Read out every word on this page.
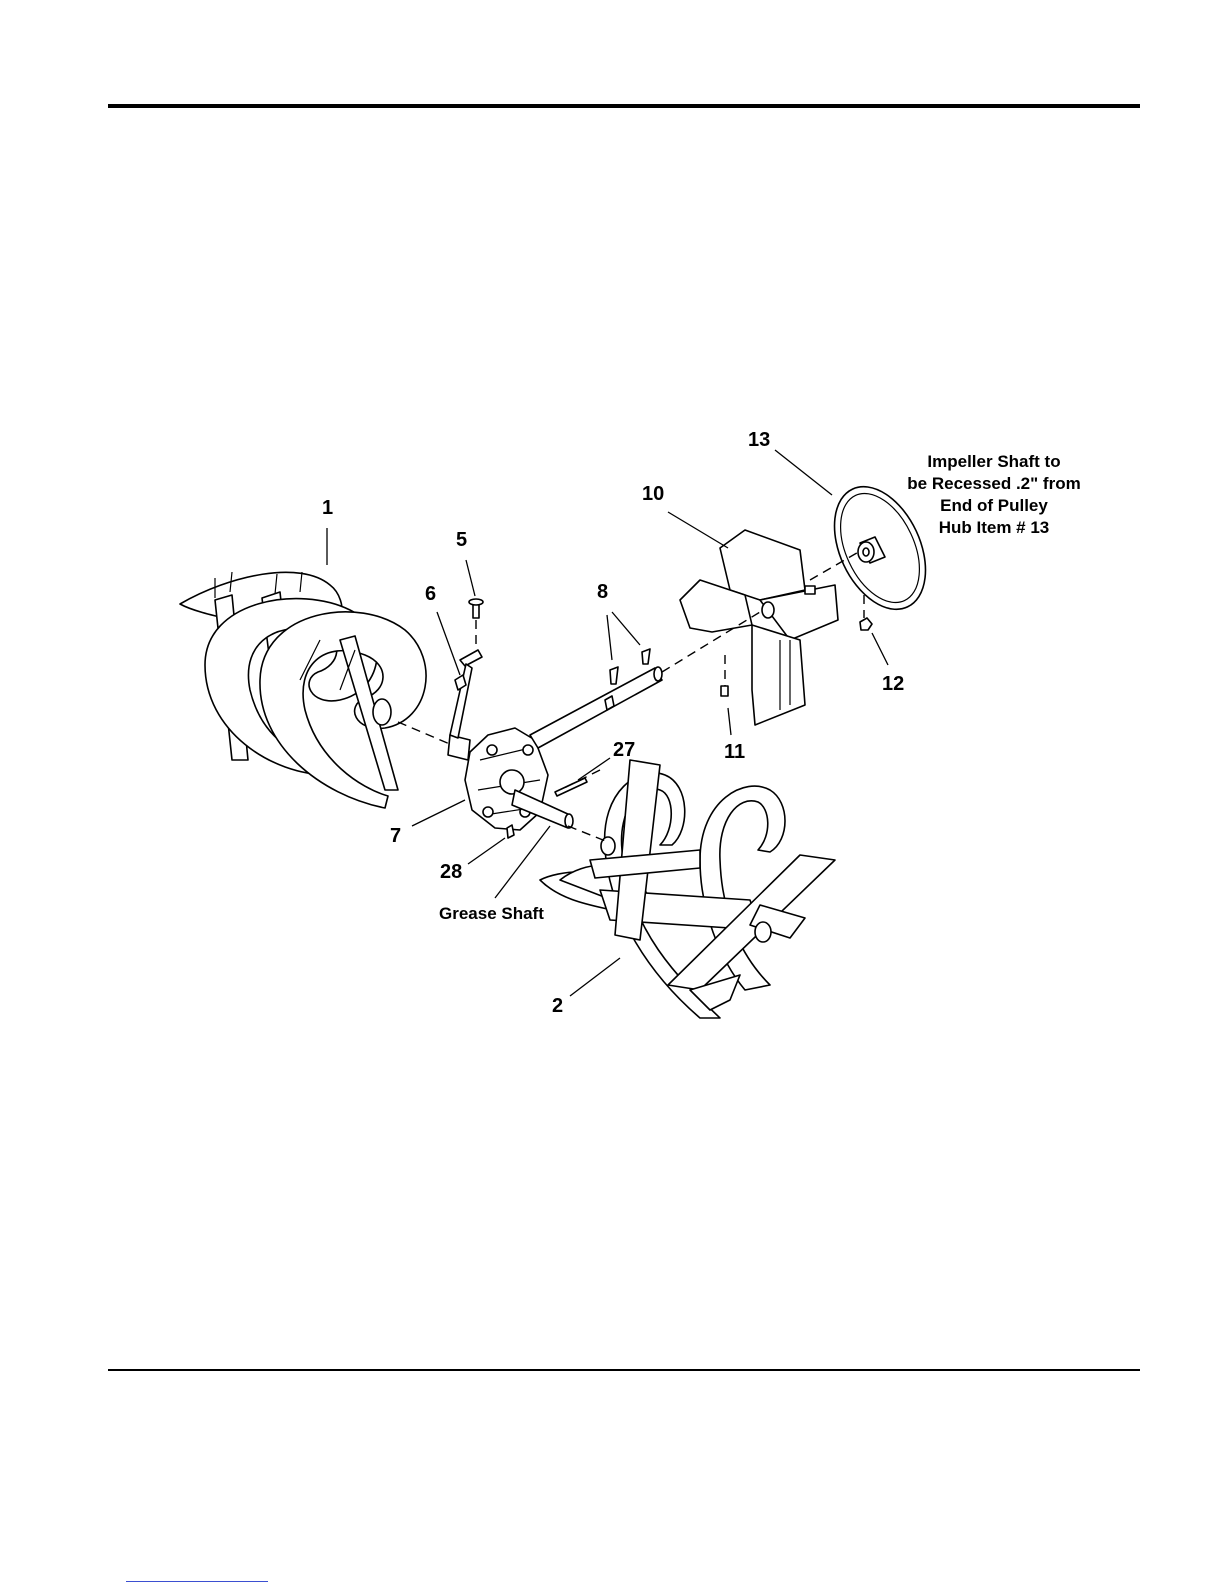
1
2
5
6
7
8
10
11
12
13
27
28
Grease Shaft
Impeller Shaft to
be Recessed .2" from
End of Pulley
Hub Item # 13
